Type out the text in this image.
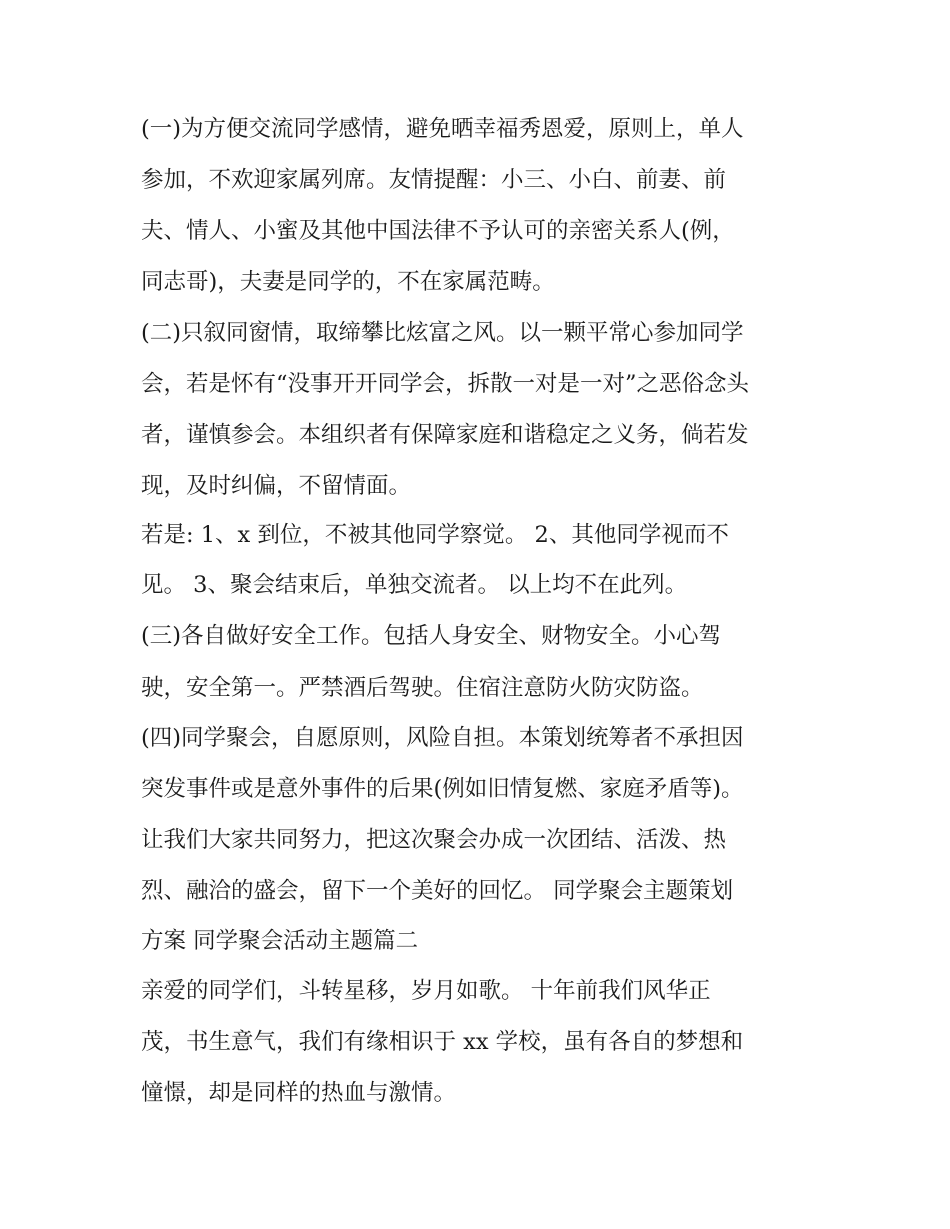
(一)为方便交流同学感情，避免晒幸福秀恩爱，原则上，单人
参加，不欢迎家属列席。友情提醒：小三、小白、前妻、前
夫、情人、小蜜及其他中国法律不予认可的亲密关系人(例，
同志哥)，夫妻是同学的，不在家属范畴。
(二)只叙同窗情，取缔攀比炫富之风。以一颗平常心参加同学
会，若是怀有“没事开开同学会，拆散一对是一对”之恶俗念头
者，谨慎参会。本组织者有保障家庭和谐稳定之义务，倘若发
现，及时纠偏，不留情面。
若是: 1、x 到位，不被其他同学察觉。 2、其他同学视而不
见。 3、聚会结束后，单独交流者。 以上均不在此列。
(三)各自做好安全工作。包括人身安全、财物安全。小心驾
驶，安全第一。严禁酒后驾驶。住宿注意防火防灾防盗。
(四)同学聚会，自愿原则，风险自担。本策划统筹者不承担因
突发事件或是意外事件的后果(例如旧情复燃、家庭矛盾等)。
让我们大家共同努力，把这次聚会办成一次团结、活泼、热
烈、融洽的盛会，留下一个美好的回忆。 同学聚会主题策划
方案 同学聚会活动主题篇二
亲爱的同学们，斗转星移，岁月如歌。 十年前我们风华正
茂，书生意气，我们有缘相识于 xx 学校，虽有各自的梦想和
憧憬，却是同样的热血与激情。
